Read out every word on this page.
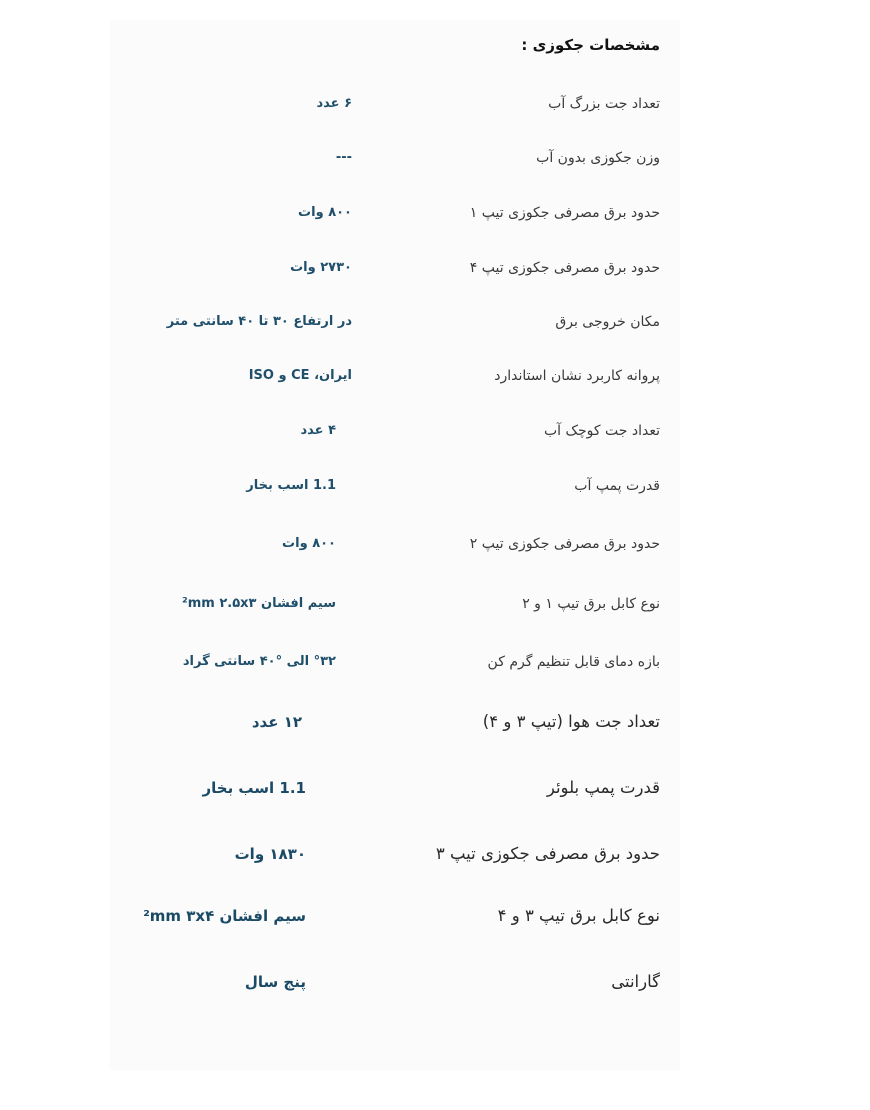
مشخصات جکوزی :
تعداد جت بزرگ آب
۶ عدد
وزن جکوزی بدون آب
---
حدود برق مصرفی جکوزی تیپ ۱
۸۰۰ وات
حدود برق مصرفی جکوزی تیپ ۴
۲۷۳۰ وات
مکان خروجی برق
در ارتفاع ۳۰ تا ۴۰ سانتی متر
پروانه کاربرد نشان استاندارد
ایران، CE و ISO
تعداد جت کوچک آب
۴ عدد
قدرت پمپ آب
1.1 اسب بخار
حدود برق مصرفی جکوزی تیپ ۲
۸۰۰ وات
نوع کابل برق تیپ ۱ و ۲
سیم افشان ²mm ۲.۵x۳
بازه دمای قابل تنظیم گرم کن
°۳۲ الی °۴۰ سانتی گراد
تعداد جت هوا (تیپ ۳ و ۴)
۱۲ عدد
قدرت پمپ بلوئر
1.1 اسب بخار
حدود برق مصرفی جکوزی تیپ ۳
۱۸۳۰ وات
نوع کابل برق تیپ ۳ و ۴
سیم افشان ²mm ۳x۴
گارانتی
پنج سال
